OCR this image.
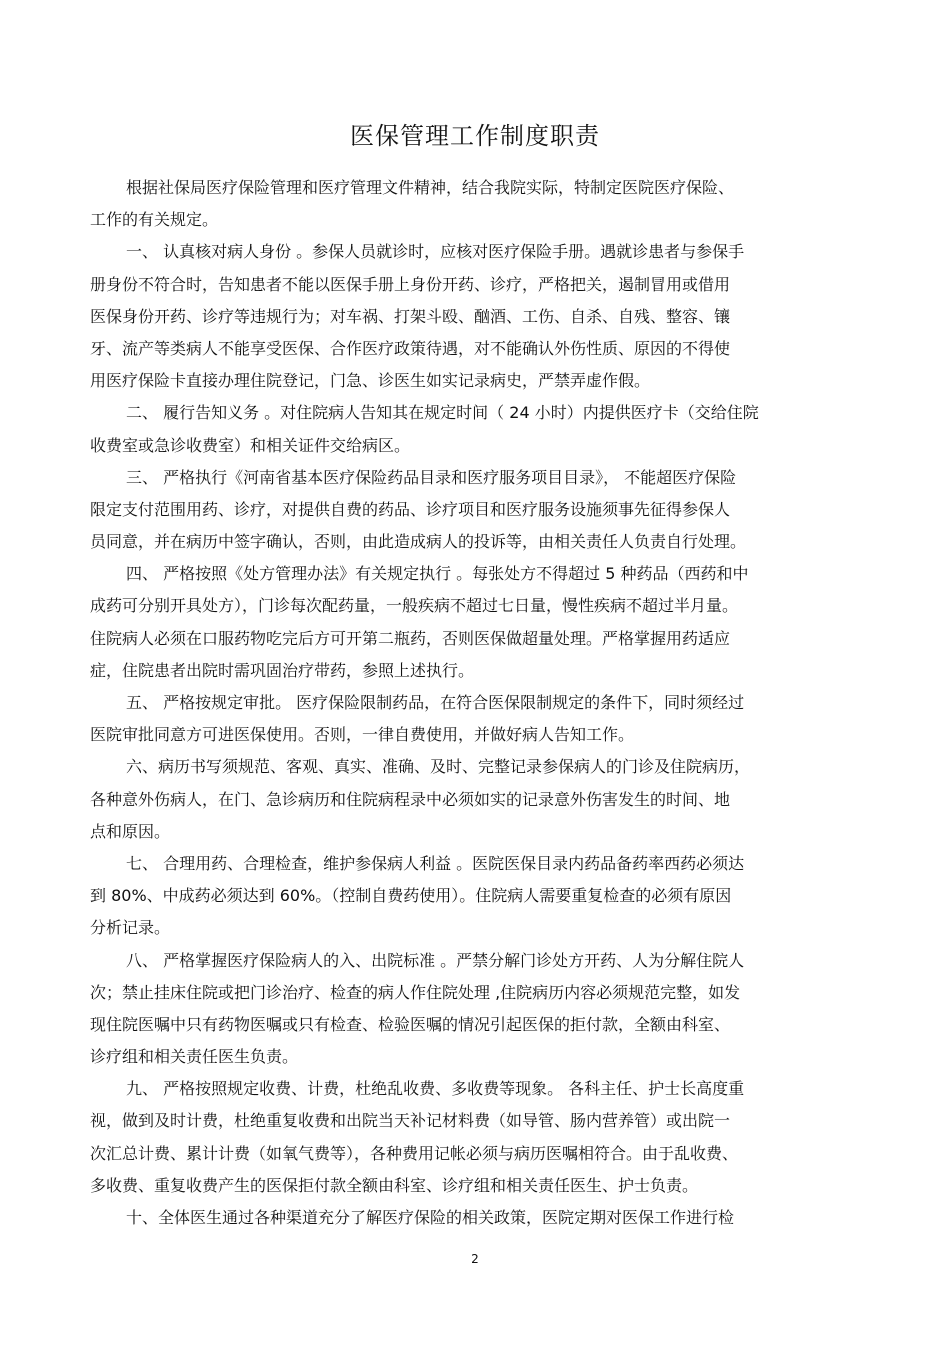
医保管理工作制度职责
根据社保局医疗保险管理和医疗管理文件精神，结合我院实际，特制定医院医疗保险、
工作的有关规定。
一、 认真核对病人身份 。参保人员就诊时，应核对医疗保险手册。遇就诊患者与参保手
册身份不符合时，告知患者不能以医保手册上身份开药、诊疗，严格把关，遏制冒用或借用
医保身份开药、诊疗等违规行为；对车祸、打架斗殴、酗酒、工伤、自杀、自残、整容、镶
牙、流产等类病人不能享受医保、合作医疗政策待遇，对不能确认外伤性质、原因的不得使
用医疗保险卡直接办理住院登记，门急、诊医生如实记录病史，严禁弄虚作假。
二、 履行告知义务 。对住院病人告知其在规定时间（ 24 小时）内提供医疗卡（交给住院
收费室或急诊收费室）和相关证件交给病区。
三、 严格执行《河南省基本医疗保险药品目录和医疗服务项目目录》， 不能超医疗保险
限定支付范围用药、诊疗，对提供自费的药品、诊疗项目和医疗服务设施须事先征得参保人
员同意，并在病历中签字确认，否则，由此造成病人的投诉等，由相关责任人负责自行处理。
四、 严格按照《处方管理办法》有关规定执行 。每张处方不得超过 5 种药品（西药和中
成药可分别开具处方），门诊每次配药量，一般疾病不超过七日量，慢性疾病不超过半月量。
住院病人必须在口服药物吃完后方可开第二瓶药，否则医保做超量处理。严格掌握用药适应
症，住院患者出院时需巩固治疗带药，参照上述执行。
五、 严格按规定审批。 医疗保险限制药品，在符合医保限制规定的条件下，同时须经过
医院审批同意方可进医保使用。否则，一律自费使用，并做好病人告知工作。
六、病历书写须规范、客观、真实、准确、及时、完整记录参保病人的门诊及住院病历，
各种意外伤病人，在门、急诊病历和住院病程录中必须如实的记录意外伤害发生的时间、地
点和原因。
七、 合理用药、合理检查，维护参保病人利益 。医院医保目录内药品备药率西药必须达
到 80%、中成药必须达到 60%。（控制自费药使用）。住院病人需要重复检查的必须有原因
分析记录。
八、 严格掌握医疗保险病人的入、出院标准 。严禁分解门诊处方开药、人为分解住院人
次；禁止挂床住院或把门诊治疗、检查的病人作住院处理 ,住院病历内容必须规范完整，如发
现住院医嘱中只有药物医嘱或只有检查、检验医嘱的情况引起医保的拒付款，全额由科室、
诊疗组和相关责任医生负责。
九、 严格按照规定收费、计费，杜绝乱收费、多收费等现象。 各科主任、护士长高度重
视，做到及时计费，杜绝重复收费和出院当天补记材料费（如导管、肠内营养管）或出院一
次汇总计费、累计计费（如氧气费等），各种费用记帐必须与病历医嘱相符合。由于乱收费、
多收费、重复收费产生的医保拒付款全额由科室、诊疗组和相关责任医生、护士负责。
十、全体医生通过各种渠道充分了解医疗保险的相关政策，医院定期对医保工作进行检
2
